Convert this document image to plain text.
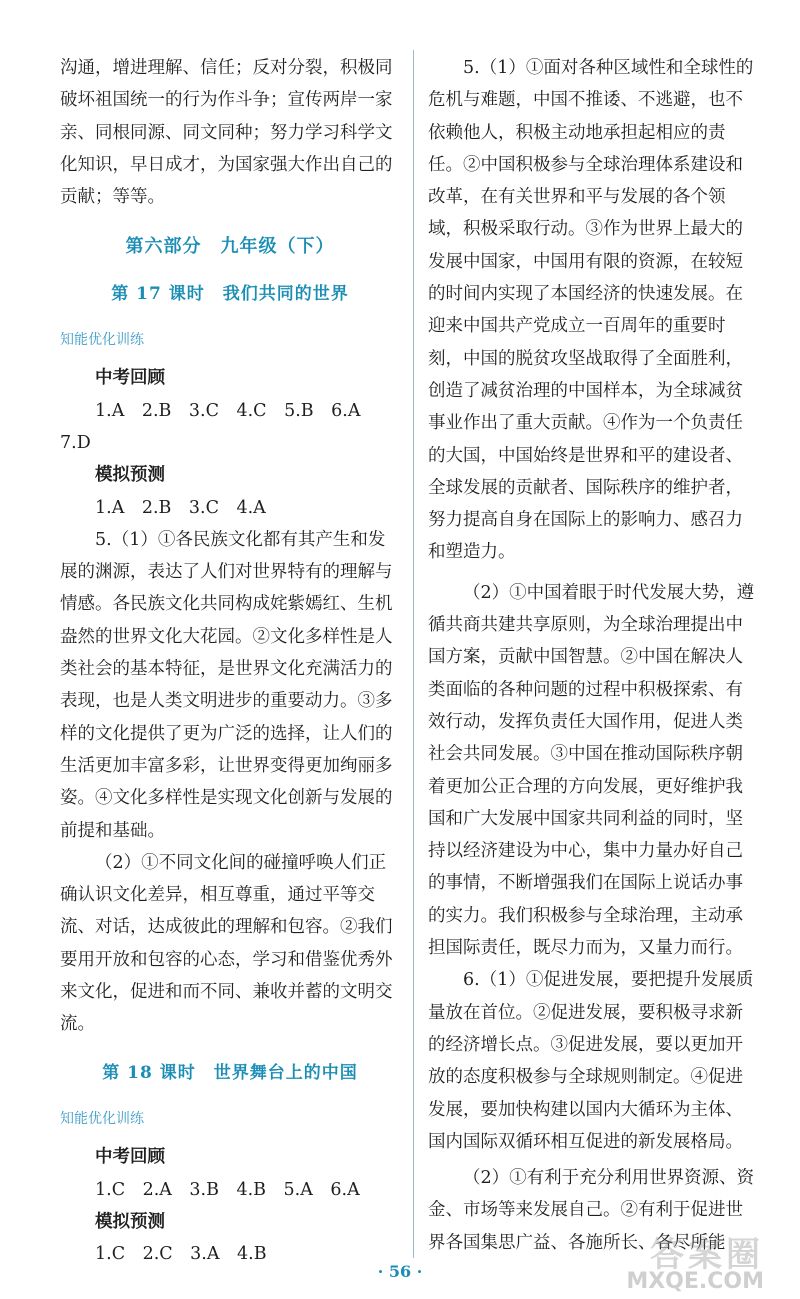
沟通，增进理解、信任；反对分裂，积极同破坏祖国统一的行为作斗争；宣传两岸一家亲、同根同源、同文同种；努力学习科学文化知识，早日成才，为国家强大作出自己的贡献；等等。

第六部分　九年级（下）
第 17 课时　我们共同的世界
知能优化训练

中考回顾

1.A　2.B　3.C　4.C　5.B　6.A

7.D

模拟预测

1.A　2.B　3.C　4.A

5.（1）①各民族文化都有其产生和发展的渊源，表达了人们对世界特有的理解与情感。各民族文化共同构成姹紫嫣红、生机盎然的世界文化大花园。②文化多样性是人类社会的基本特征，是世界文化充满活力的表现，也是人类文明进步的重要动力。③多样的文化提供了更为广泛的选择，让人们的生活更加丰富多彩，让世界变得更加绚丽多姿。④文化多样性是实现文化创新与发展的前提和基础。

（2）①不同文化间的碰撞呼唤人们正确认识文化差异，相互尊重，通过平等交流、对话，达成彼此的理解和包容。②我们要用开放和包容的心态，学习和借鉴优秀外来文化，促进和而不同、兼收并蓄的文明交流。

第 18 课时　世界舞台上的中国
知能优化训练

中考回顾

1.C　2.A　3.B　4.B　5.A　6.A

模拟预测

1.C　2.C　3.A　4.B

5.（1）①面对各种区域性和全球性的危机与难题，中国不推诿、不逃避，也不依赖他人，积极主动地承担起相应的责任。②中国积极参与全球治理体系建设和改革，在有关世界和平与发展的各个领域，积极采取行动。③作为世界上最大的发展中国家，中国用有限的资源，在较短的时间内实现了本国经济的快速发展。在迎来中国共产党成立一百周年的重要时刻，中国的脱贫攻坚战取得了全面胜利，创造了减贫治理的中国样本，为全球减贫事业作出了重大贡献。④作为一个负责任的大国，中国始终是世界和平的建设者、全球发展的贡献者、国际秩序的维护者，努力提高自身在国际上的影响力、感召力和塑造力。

（2）①中国着眼于时代发展大势，遵循共商共建共享原则，为全球治理提出中国方案，贡献中国智慧。②中国在解决人类面临的各种问题的过程中积极探索、有效行动，发挥负责任大国作用，促进人类社会共同发展。③中国在推动国际秩序朝着更加公正合理的方向发展，更好维护我国和广大发展中国家共同利益的同时，坚持以经济建设为中心，集中力量办好自己的事情，不断增强我们在国际上说话办事的实力。我们积极参与全球治理，主动承担国际责任，既尽力而为，又量力而行。

6.（1）①促进发展，要把提升发展质量放在首位。②促进发展，要积极寻求新的经济增长点。③促进发展，要以更加开放的态度积极参与全球规则制定。④促进发展，要加快构建以国内大循环为主体、国内国际双循环相互促进的新发展格局。

（2）①有利于充分利用世界资源、资金、市场等来发展自己。②有利于促进世界各国集思广益、各施所长、各尽所能

· 56 ·	答案圈
MXQE.COM
